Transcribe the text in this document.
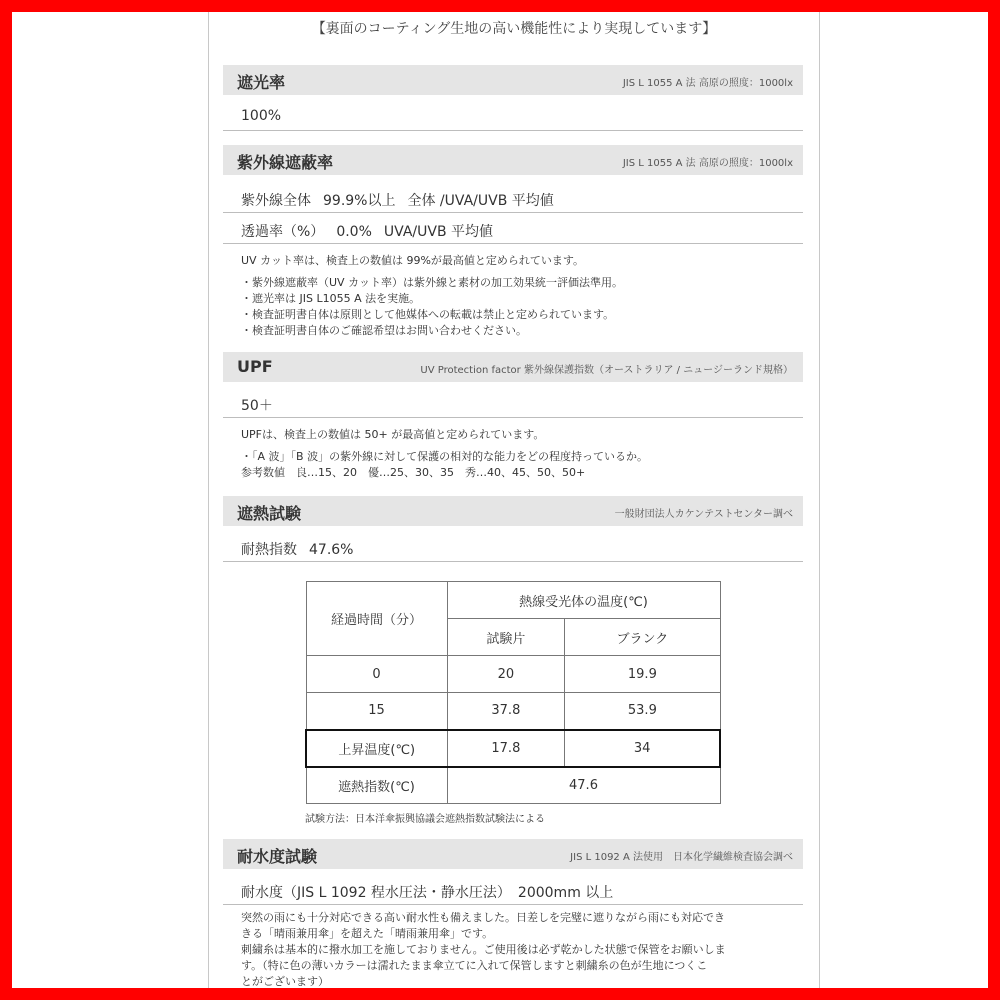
【裏面のコーティング生地の高い機能性により実現しています】
遮光率	JIS L 1055 A 法 高原の照度：1000lx
100%
紫外線遮蔽率	JIS L 1055 A 法 高原の照度：1000lx
紫外線全体 99.9%以上 全体 /UVA/UVB 平均値
透過率（%） 0.0% UVA/UVB 平均値
UV カット率は、検査上の数値は 99%が最高値と定められています。
・紫外線遮蔽率（UV カット率）は紫外線と素材の加工効果統一評価法準用。
・遮光率は JIS L1055 A 法を実施。
・検査証明書自体は原則として他媒体への転載は禁止と定められています。
・検査証明書自体のご確認希望はお問い合わせください。
UPF	UV Protection factor 紫外線保護指数（オーストラリア / ニュージーランド規格）
50＋
UPFは、検査上の数値は 50+ が最高値と定められています。
・「A 波」「B 波」の紫外線に対して保護の相対的な能力をどの程度持っているか。
参考数値　良…15、20　優…25、30、35　秀…40、45、50、50+
遮熱試験	一般財団法人カケンテストセンター調べ
耐熱指数 47.6%
経過時間（分）	熱線受光体の温度(℃)	
	試験片	ブランク
0	20	19.9
15	37.8	53.9
上昇温度(℃)	17.8	34
遮熱指数(℃)	47.6	
試験方法：日本洋傘振興協議会遮熱指数試験法による
耐水度試験	JIS L 1092 A 法使用　日本化学繊維検査協会調べ
耐水度（JIS L 1092 程水圧法・静水圧法）　2000mm 以上
突然の雨にも十分対応できる高い耐水性も備えました。日差しを完璧に遮りながら雨にも対応でき
きる「晴雨兼用傘」を超えた「晴雨兼用傘」です。
刺繍糸は基本的に撥水加工を施しておりません。ご使用後は必ず乾かした状態で保管をお願いしま
す。（特に色の薄いカラーは濡れたまま傘立てに入れて保管しますと刺繍糸の色が生地につくこ
とがございます）
